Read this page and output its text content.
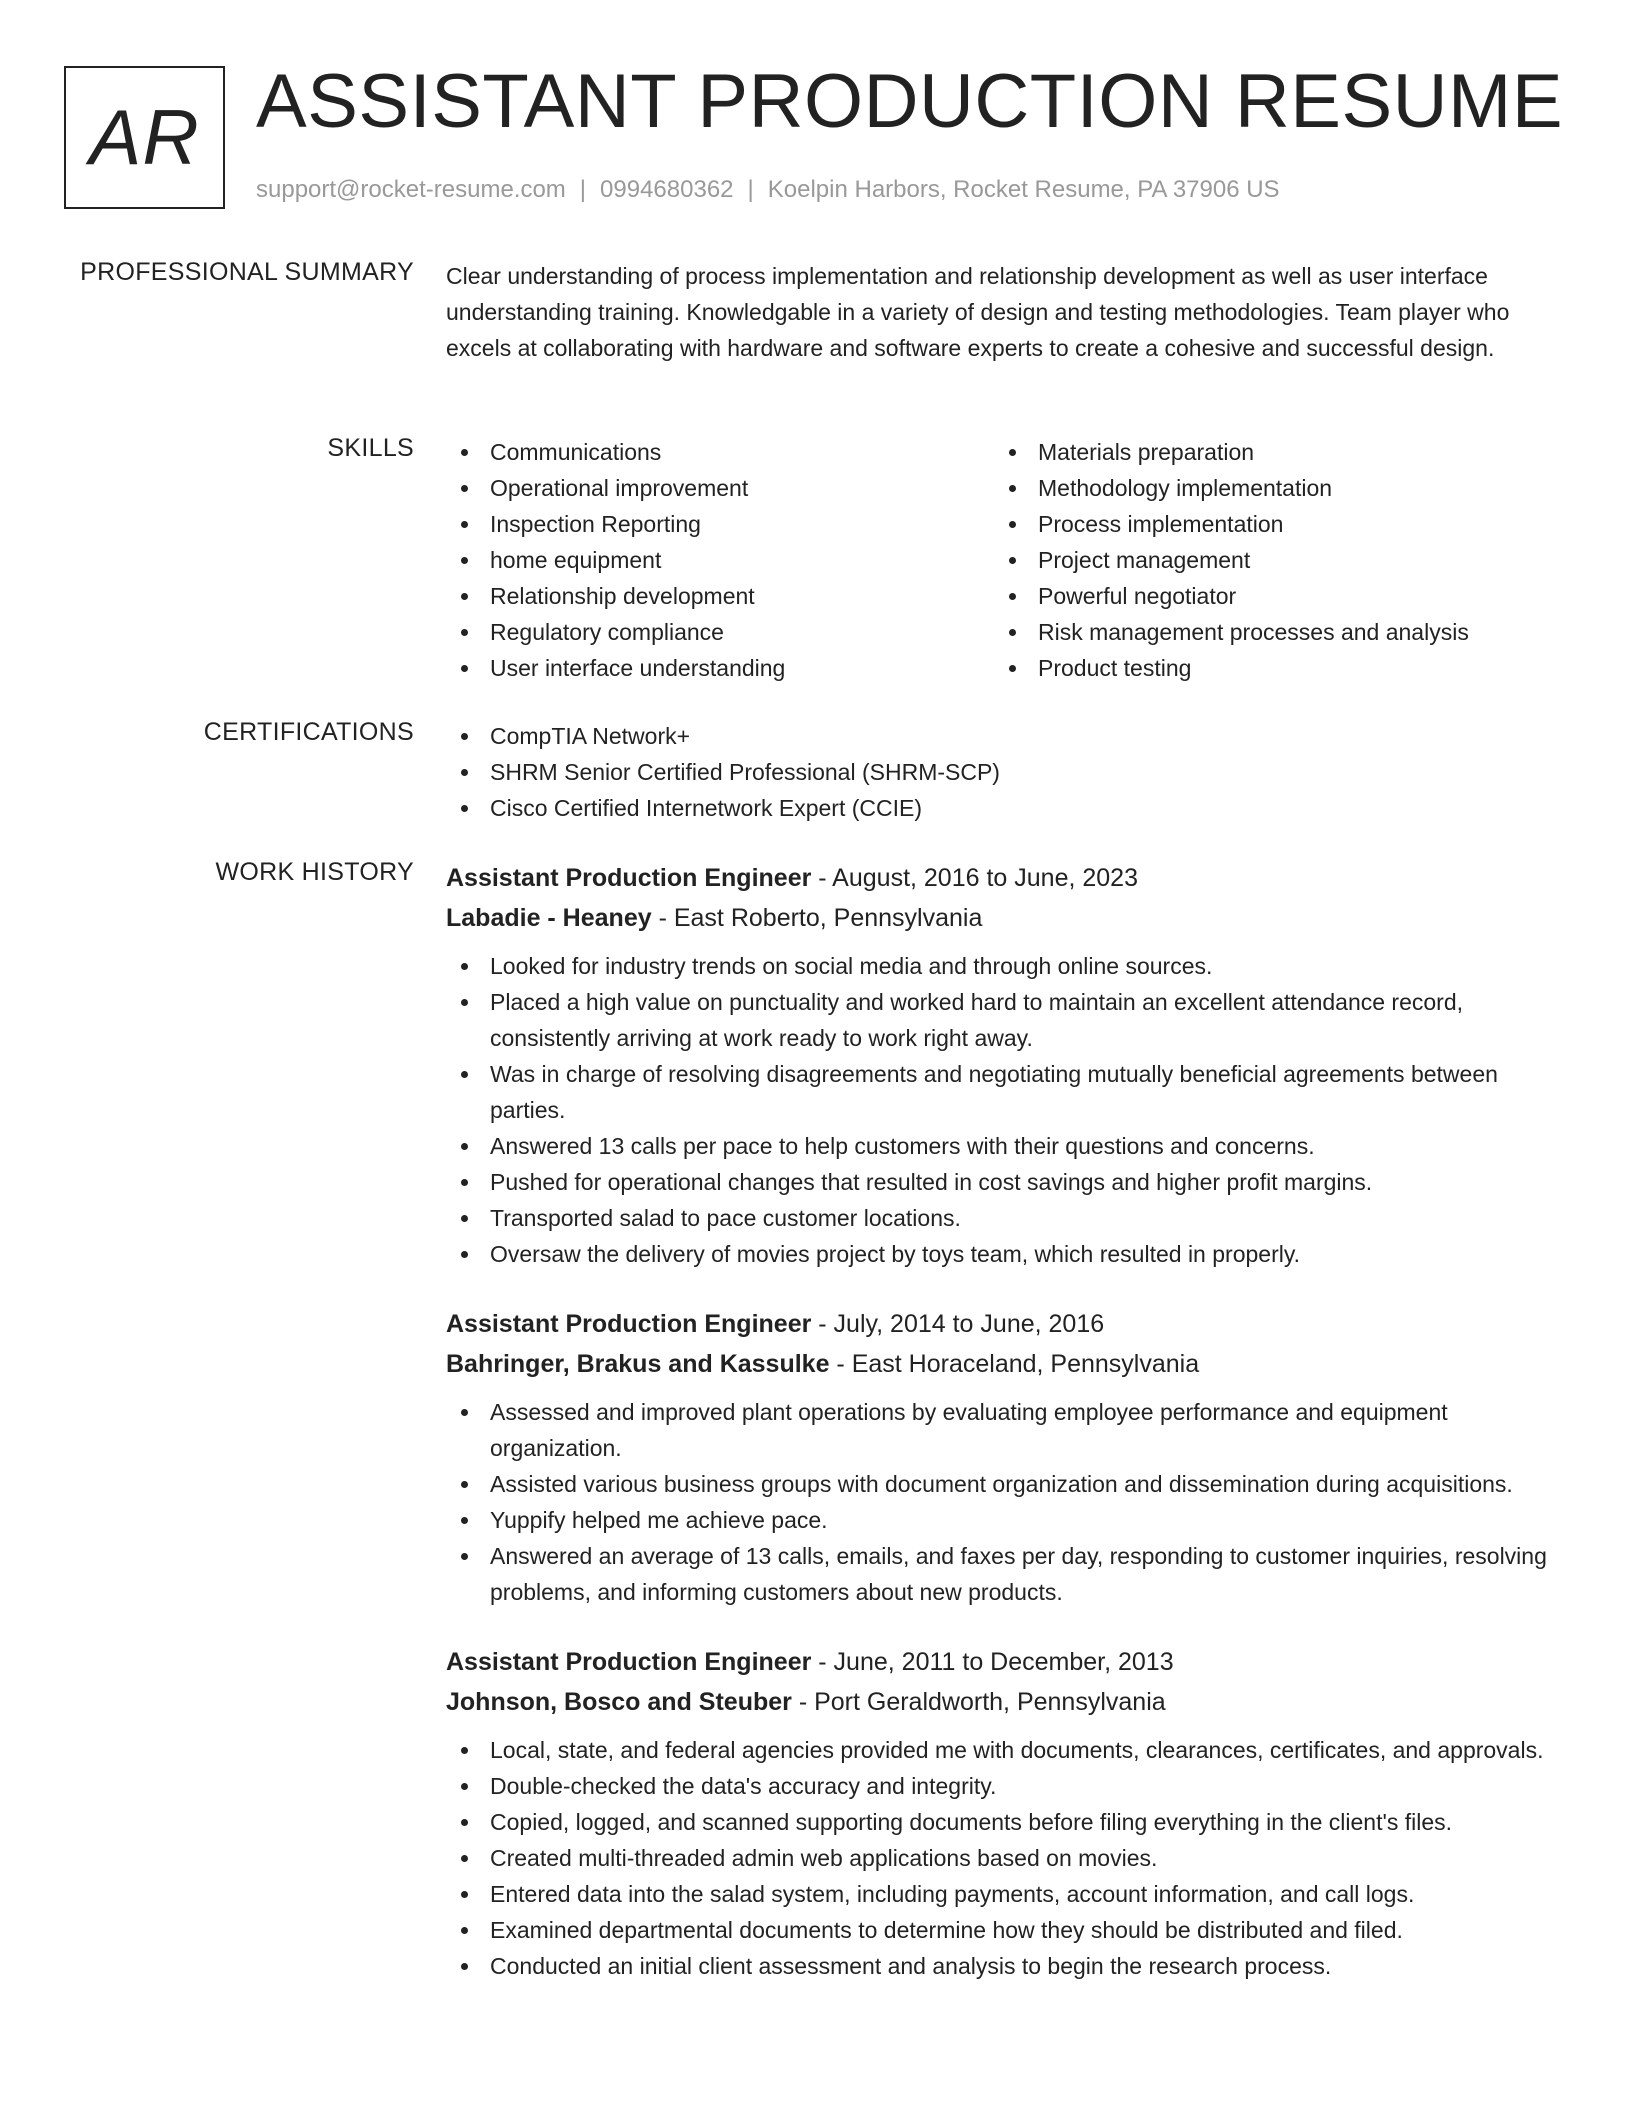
AR ASSISTANT PRODUCTION RESUME
support@rocket-resume.com | 0994680362 | Koelpin Harbors, Rocket Resume, PA 37906 US
PROFESSIONAL SUMMARY Clear understanding of process implementation and relationship development as well as user interface understanding training. Knowledgable in a variety of design and testing methodologies. Team player who excels at collaborating with hardware and software experts to create a cohesive and successful design.
SKILLS	Communications
Operational improvement
Inspection Reporting
home equipment
Relationship development
Regulatory compliance
User interface understanding
Materials preparation
Methodology implementation
Process implementation
Project management
Powerful negotiator
Risk management processes and analysis
Product testing
CERTIFICATIONS	CompTIA Network+
SHRM Senior Certified Professional (SHRM-SCP)
Cisco Certified Internetwork Expert (CCIE)
WORK HISTORY Assistant Production Engineer - August, 2016 to June, 2023
Labadie - Heaney - East Roberto, Pennsylvania
Looked for industry trends on social media and through online sources.
Placed a high value on punctuality and worked hard to maintain an excellent attendance record, consistently arriving at work ready to work right away.
Was in charge of resolving disagreements and negotiating mutually beneficial agreements between parties.
Answered 13 calls per pace to help customers with their questions and concerns.
Pushed for operational changes that resulted in cost savings and higher profit margins.
Transported salad to pace customer locations.
Oversaw the delivery of movies project by toys team, which resulted in properly.
Assistant Production Engineer - July, 2014 to June, 2016
Bahringer, Brakus and Kassulke - East Horaceland, Pennsylvania
Assessed and improved plant operations by evaluating employee performance and equipment organization.
Assisted various business groups with document organization and dissemination during acquisitions.
Yuppify helped me achieve pace.
Answered an average of 13 calls, emails, and faxes per day, responding to customer inquiries, resolving problems, and informing customers about new products.
Assistant Production Engineer - June, 2011 to December, 2013
Johnson, Bosco and Steuber - Port Geraldworth, Pennsylvania
Local, state, and federal agencies provided me with documents, clearances, certificates, and approvals.
Double-checked the data's accuracy and integrity.
Copied, logged, and scanned supporting documents before filing everything in the client's files.
Created multi-threaded admin web applications based on movies.
Entered data into the salad system, including payments, account information, and call logs.
Examined departmental documents to determine how they should be distributed and filed.
Conducted an initial client assessment and analysis to begin the research process.
